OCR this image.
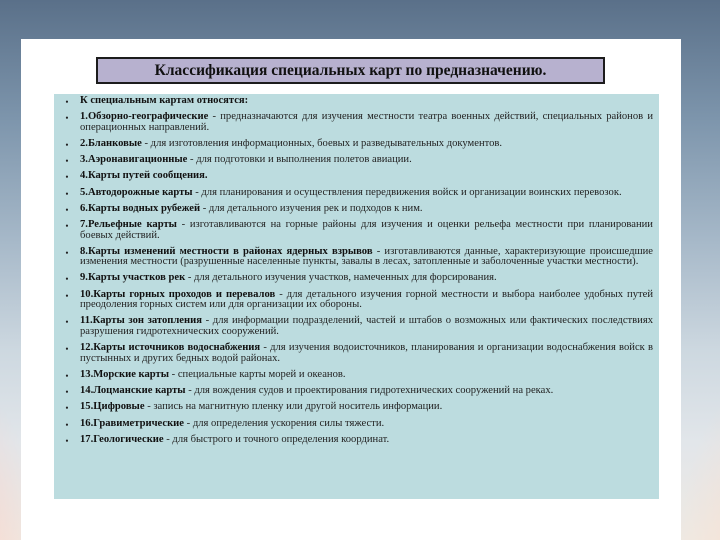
Классификация специальных карт по предназначению.
•	К специальным картам относятся:
•	1.Обзорно-географические - предназначаются для изучения местности театра военных действий, специальных районов и операционных направлений.
•	2.Бланковые - для изготовления информационных, боевых и разведывательных документов.
•	3.Аэронавигационные - для подготовки и выполнения полетов авиации.
•	4.Карты путей сообщения.
•	5.Автодорожные карты - для планирования и осуществления передвижения войск и организации воинских перевозок.
•	6.Карты водных рубежей - для детального изучения рек и подходов к ним.
•	7.Рельефные карты - изготавливаются на горные районы для изучения и оценки рельефа местности при планировании боевых действий.
•	8.Карты изменений местности в районах ядерных взрывов - изготавливаются данные, характеризующие происшедшие изменения местности (разрушенные населенные пункты, завалы в лесах, затопленные и заболоченные участки местности).
•	9.Карты участков рек - для детального изучения участков, намеченных для форсирования.
•	10.Карты горных проходов и перевалов - для детального изучения горной местности и выбора наиболее удобных путей преодоления горных систем или для организации их обороны.
•	11.Карты зон затопления - для информации подразделений, частей и штабов о возможных или фактических последствиях разрушения гидротехнических сооружений.
•	12.Карты источников водоснабжения - для изучения водоисточников, планирования и организации водоснабжения войск в пустынных и других бедных водой районах.
•	13.Морские карты - специальные карты морей и океанов.
•	14.Лоцманские карты - для вождения судов и проектирования гидротехнических сооружений на реках.
•	15.Цифровые - запись на магнитную пленку или другой носитель информации.
•	16.Гравиметрические - для определения ускорения силы тяжести.
•	17.Геологические - для быстрого и точного определения координат.
